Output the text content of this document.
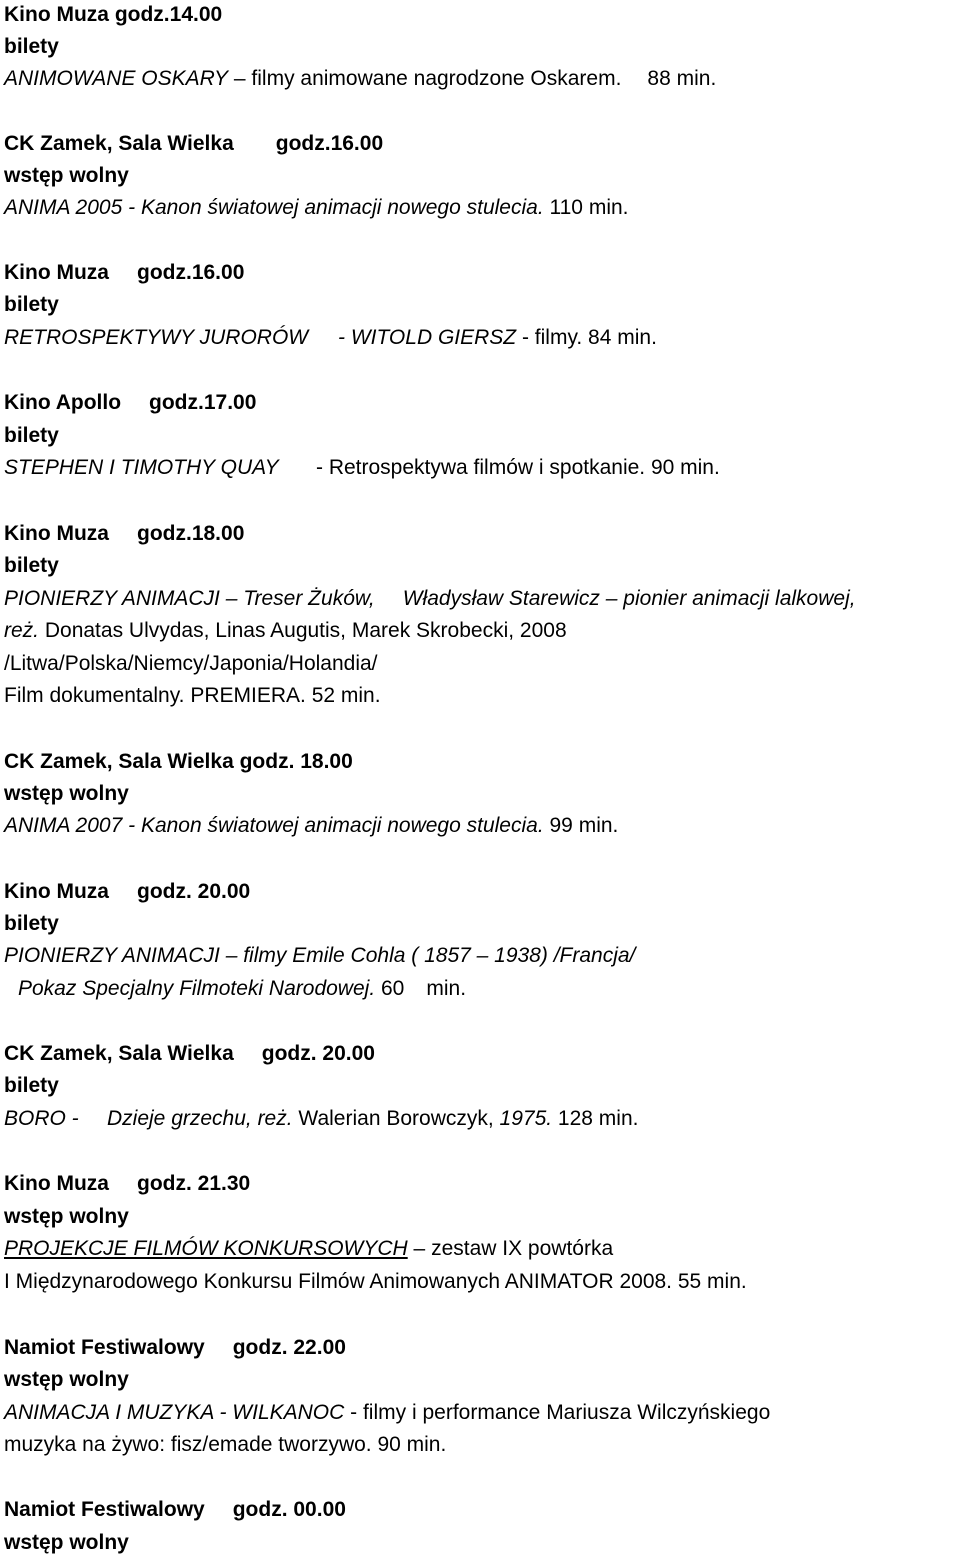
Kino Muza godz.14.00
bilety
ANIMOWANE OSKARY – filmy animowane nagrodzone Oskarem. 88 min.
CK Zamek, Sala Wielka godz.16.00
wstęp wolny
ANIMA 2005 - Kanon światowej animacji nowego stulecia. 110 min.
Kino Muza godz.16.00
bilety
RETROSPEKTYWY JURORÓW - WITOLD GIERSZ - filmy. 84 min.
Kino Apollo godz.17.00
bilety
STEPHEN I TIMOTHY QUAY - Retrospektywa filmów i spotkanie. 90 min.
Kino Muza godz.18.00
bilety
PIONIERZY ANIMACJI – Treser Żuków, Władysław Starewicz – pionier animacji lalkowej,
reż. Donatas Ulvydas, Linas Augutis, Marek Skrobecki, 2008
/Litwa/Polska/Niemcy/Japonia/Holandia/
Film dokumentalny. PREMIERA. 52 min.
CK Zamek, Sala Wielka godz. 18.00
wstęp wolny
ANIMA 2007 - Kanon światowej animacji nowego stulecia. 99 min.
Kino Muza godz. 20.00
bilety
PIONIERZY ANIMACJI – filmy Emile Cohla ( 1857 – 1938) /Francja/
Pokaz Specjalny Filmoteki Narodowej. 60 min.
CK Zamek, Sala Wielka godz. 20.00
bilety
BORO - Dzieje grzechu, reż. Walerian Borowczyk, 1975. 128 min.
Kino Muza godz. 21.30
wstęp wolny
PROJEKCJE FILMÓW KONKURSOWYCH – zestaw IX powtórka
I Międzynarodowego Konkursu Filmów Animowanych ANIMATOR 2008. 55 min.
Namiot Festiwalowy godz. 22.00
wstęp wolny
ANIMACJA I MUZYKA - WILKANOC - filmy i performance Mariusza Wilczyńskiego
muzyka na żywo: fisz/emade tworzywo. 90 min.
Namiot Festiwalowy godz. 00.00
wstęp wolny
